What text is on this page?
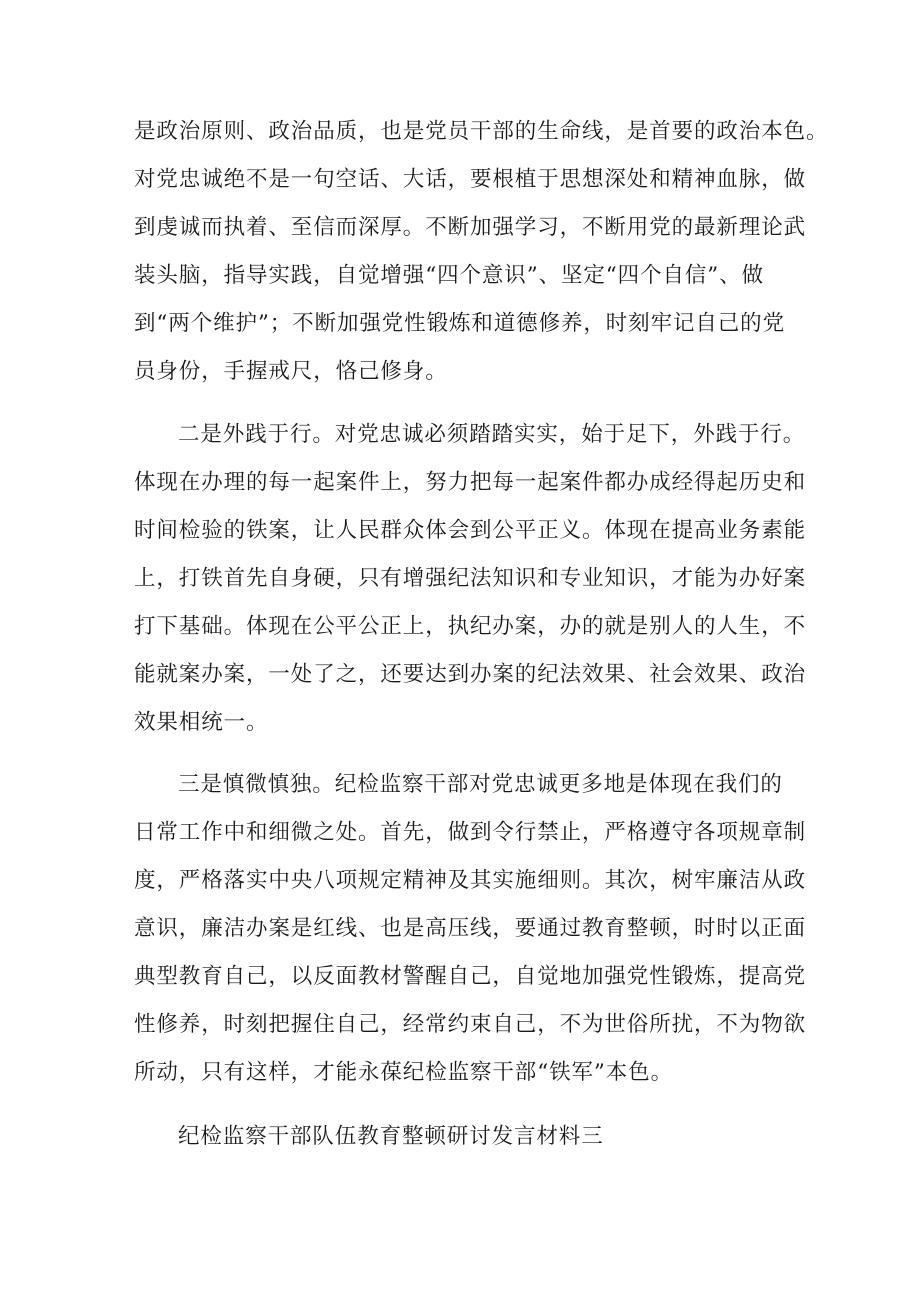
是政治原则、政治品质，也是党员干部的生命线，是首要的政治本色。
对党忠诚绝不是一句空话、大话，要根植于思想深处和精神血脉，做
到虔诚而执着、至信而深厚。不断加强学习，不断用党的最新理论武
装头脑，指导实践，自觉增强“四个意识”、坚定“四个自信”、做
到“两个维护”；不断加强党性锻炼和道德修养，时刻牢记自己的党
员身份，手握戒尺，恪己修身。
二是外践于行。对党忠诚必须踏踏实实，始于足下，外践于行。
体现在办理的每一起案件上，努力把每一起案件都办成经得起历史和
时间检验的铁案，让人民群众体会到公平正义。体现在提高业务素能
上，打铁首先自身硬，只有增强纪法知识和专业知识，才能为办好案
打下基础。体现在公平公正上，执纪办案，办的就是别人的人生，不
能就案办案，一处了之，还要达到办案的纪法效果、社会效果、政治
效果相统一。
三是慎微慎独。纪检监察干部对党忠诚更多地是体现在我们的
日常工作中和细微之处。首先，做到令行禁止，严格遵守各项规章制
度，严格落实中央八项规定精神及其实施细则。其次，树牢廉洁从政
意识，廉洁办案是红线、也是高压线，要通过教育整顿，时时以正面
典型教育自己，以反面教材警醒自己，自觉地加强党性锻炼，提高党
性修养，时刻把握住自己，经常约束自己，不为世俗所扰，不为物欲
所动，只有这样，才能永葆纪检监察干部“铁军”本色。
纪检监察干部队伍教育整顿研讨发言材料三
